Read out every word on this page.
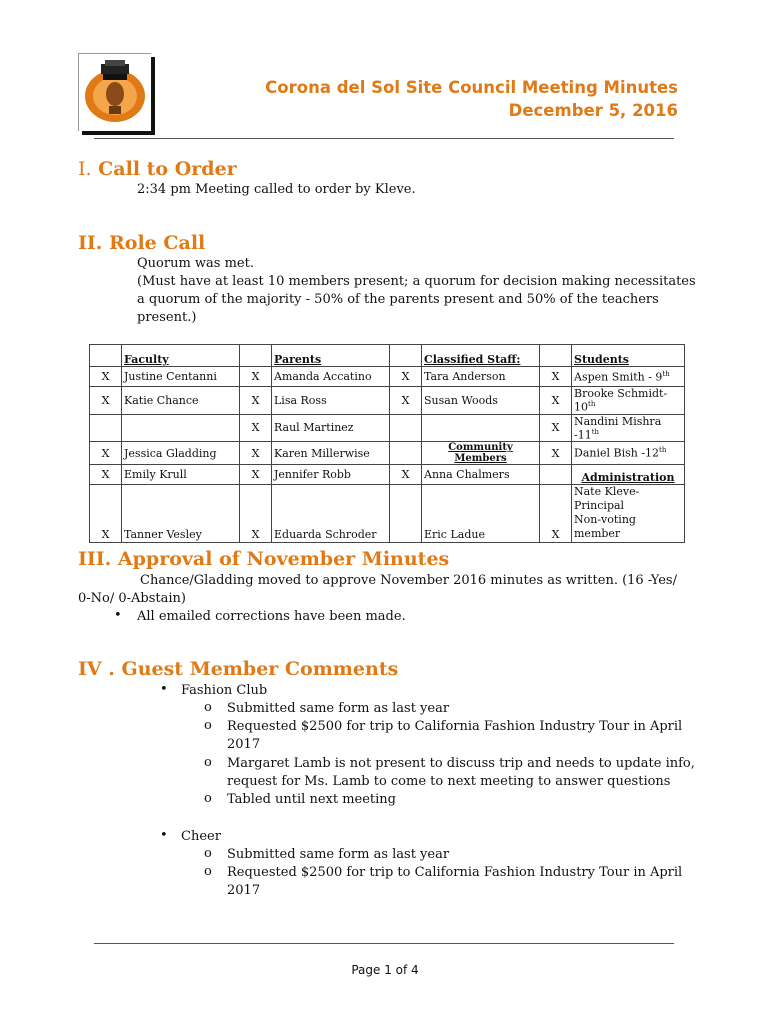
Corona del Sol Site Council Meeting Minutes
December 5, 2016
I. Call to Order
2:34 pm Meeting called to order by Kleve.
II. Role Call
Quorum was met.
(Must have at least 10 members present; a quorum for decision making necessitates
a quorum of the majority - 50% of the parents present and 50% of the teachers
present.)
	Faculty		Parents		Classified Staff:		Students
X	Justine Centanni	X	Amanda Accatino	X	Tara Anderson	X	Aspen Smith - 9th
X	Katie Chance	X	Lisa Ross	X	Susan Woods	X	Brooke Schmidt-10th
		X	Raul Martinez			X	Nandini Mishra -11th
X	Jessica Gladding	X	Karen Millerwise		Community Members	X	Daniel Bish -12th
X	Emily Krull	X	Jennifer Robb	X	Anna Chalmers		Administration
X	Tanner Vesley	X	Eduarda Schroder		Eric Ladue	X	Nate Kleve-Principal
Non-voting member
III. Approval of November Minutes
Chance/Gladding moved to approve November 2016 minutes as written. (16 -Yes/
0-No/ 0-Abstain)
• All emailed corrections have been made.
IV . Guest Member Comments
• Fashion Club
o Submitted same form as last year
o Requested $2500 for trip to California Fashion Industry Tour in April
2017
o Margaret Lamb is not present to discuss trip and needs to update info,
request for Ms. Lamb to come to next meeting to answer questions
o Tabled until next meeting
• Cheer
o Submitted same form as last year
o Requested $2500 for trip to California Fashion Industry Tour in April
2017
Page 1 of 4
